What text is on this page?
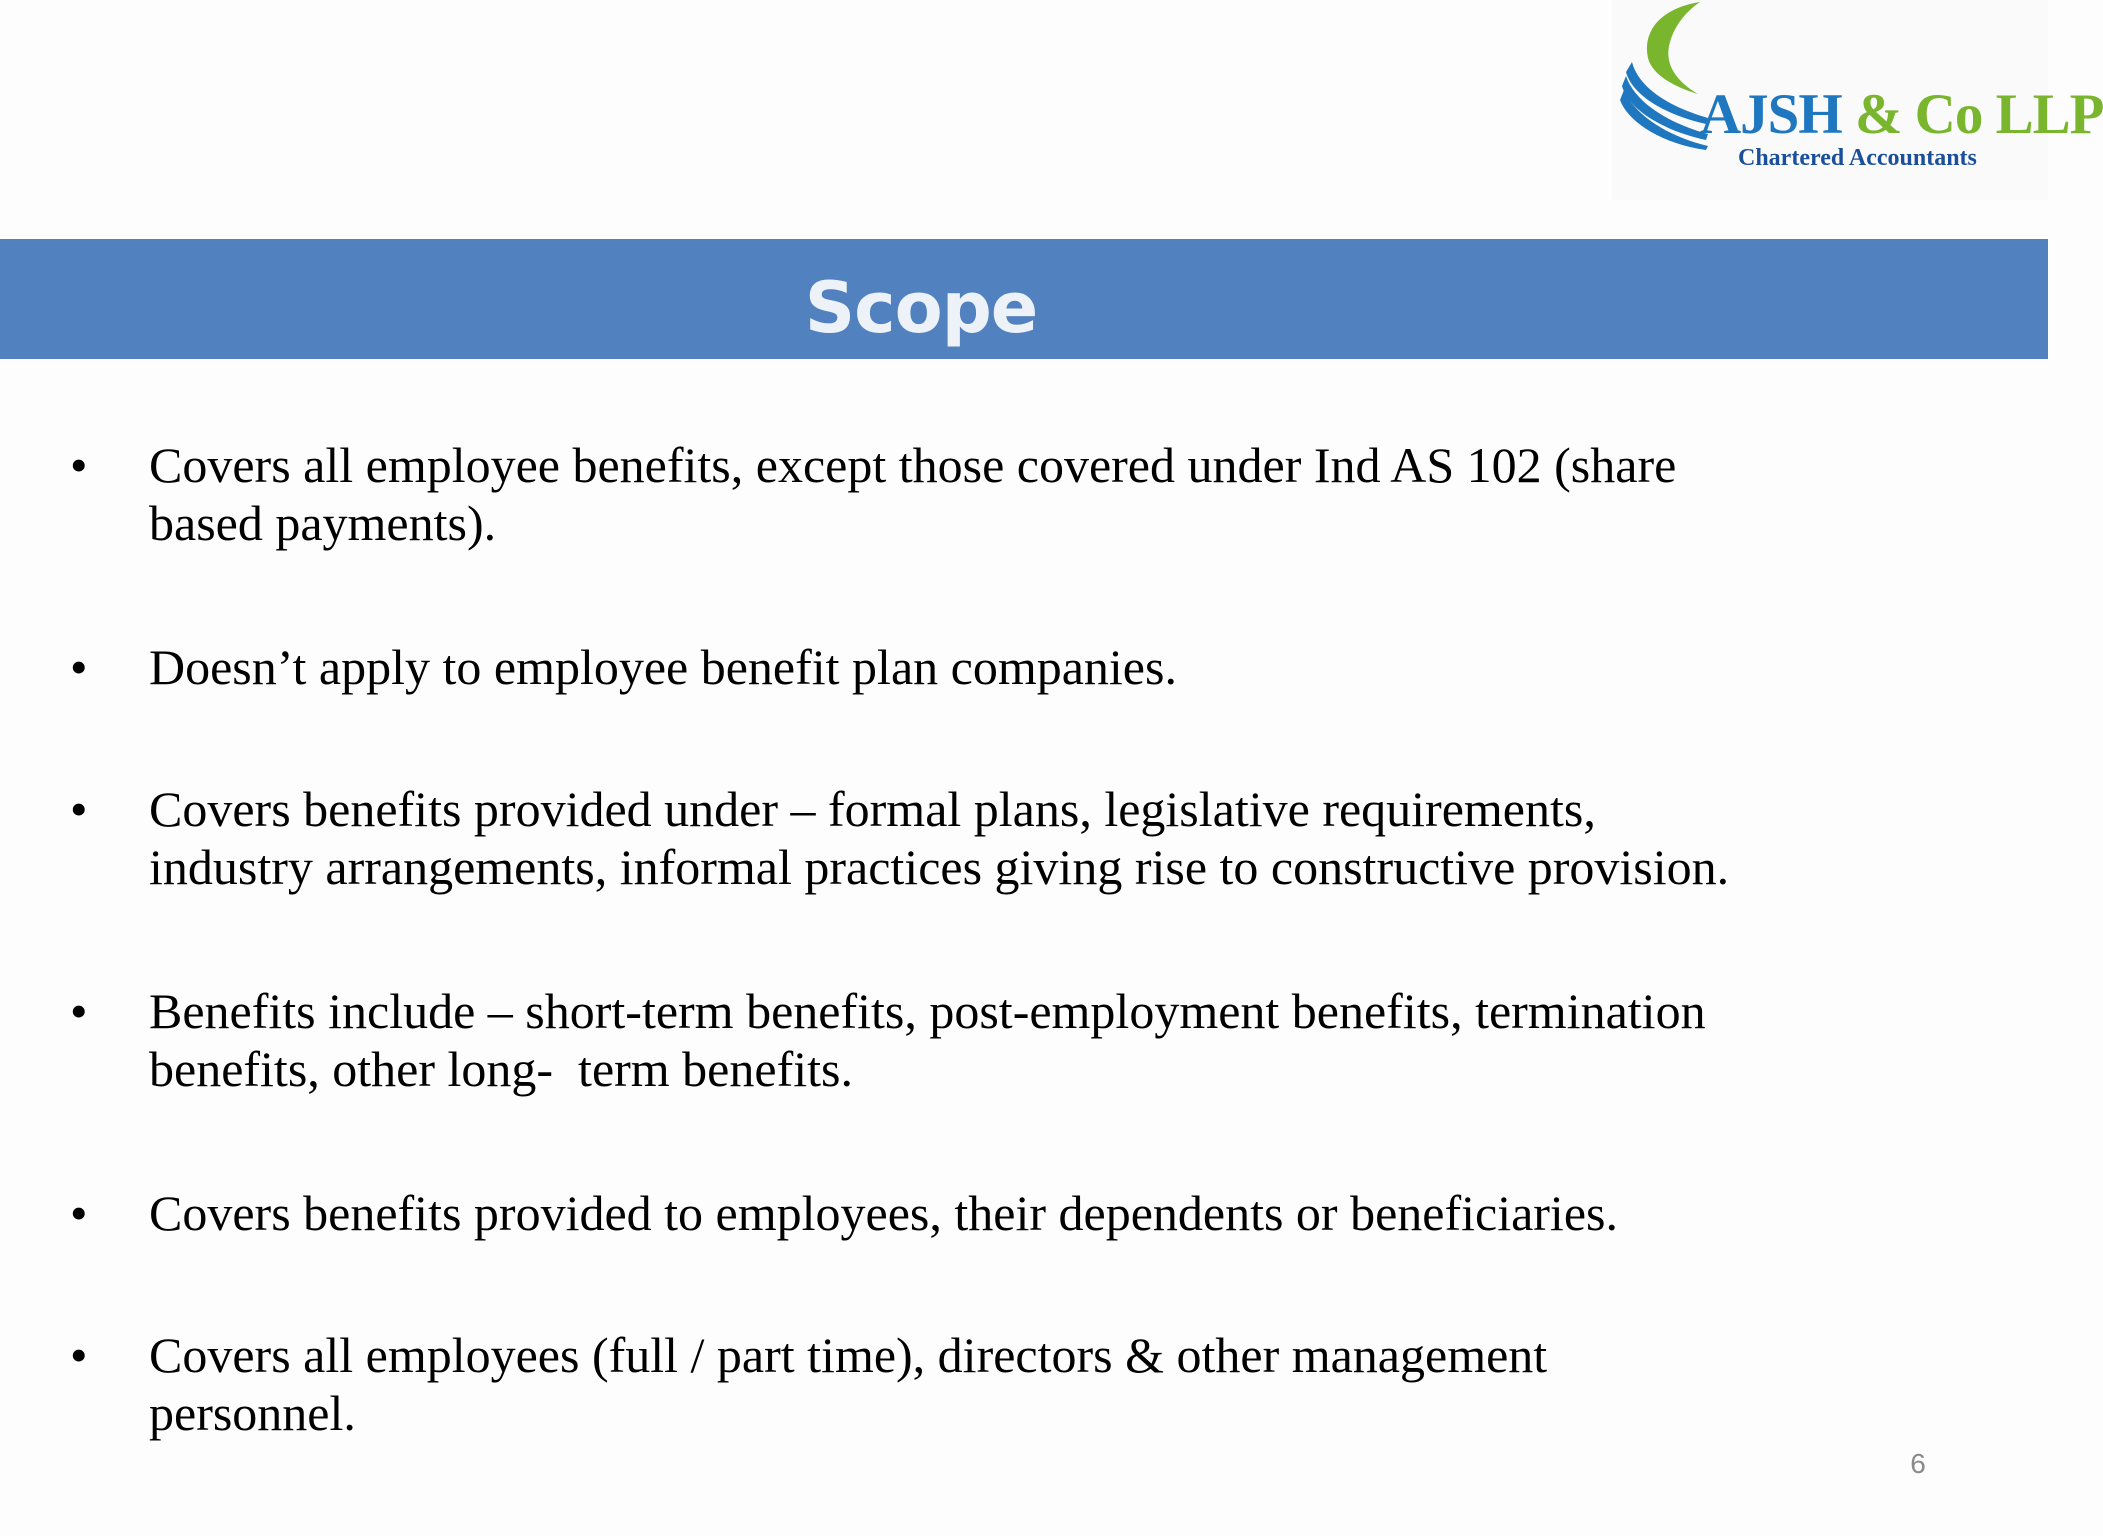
AJSH & Co LLP
Chartered Accountants
Scope
• Covers all employee benefits, except those covered under Ind AS 102 (share
based payments).
• Doesn’t apply to employee benefit plan companies.
• Covers benefits provided under – formal plans, legislative requirements,
industry arrangements, informal practices giving rise to constructive provision.
• Benefits include – short-term benefits, post-employment benefits, termination
benefits, other long-  term benefits.
• Covers benefits provided to employees, their dependents or beneficiaries.
• Covers all employees (full / part time), directors & other management
personnel.
6
